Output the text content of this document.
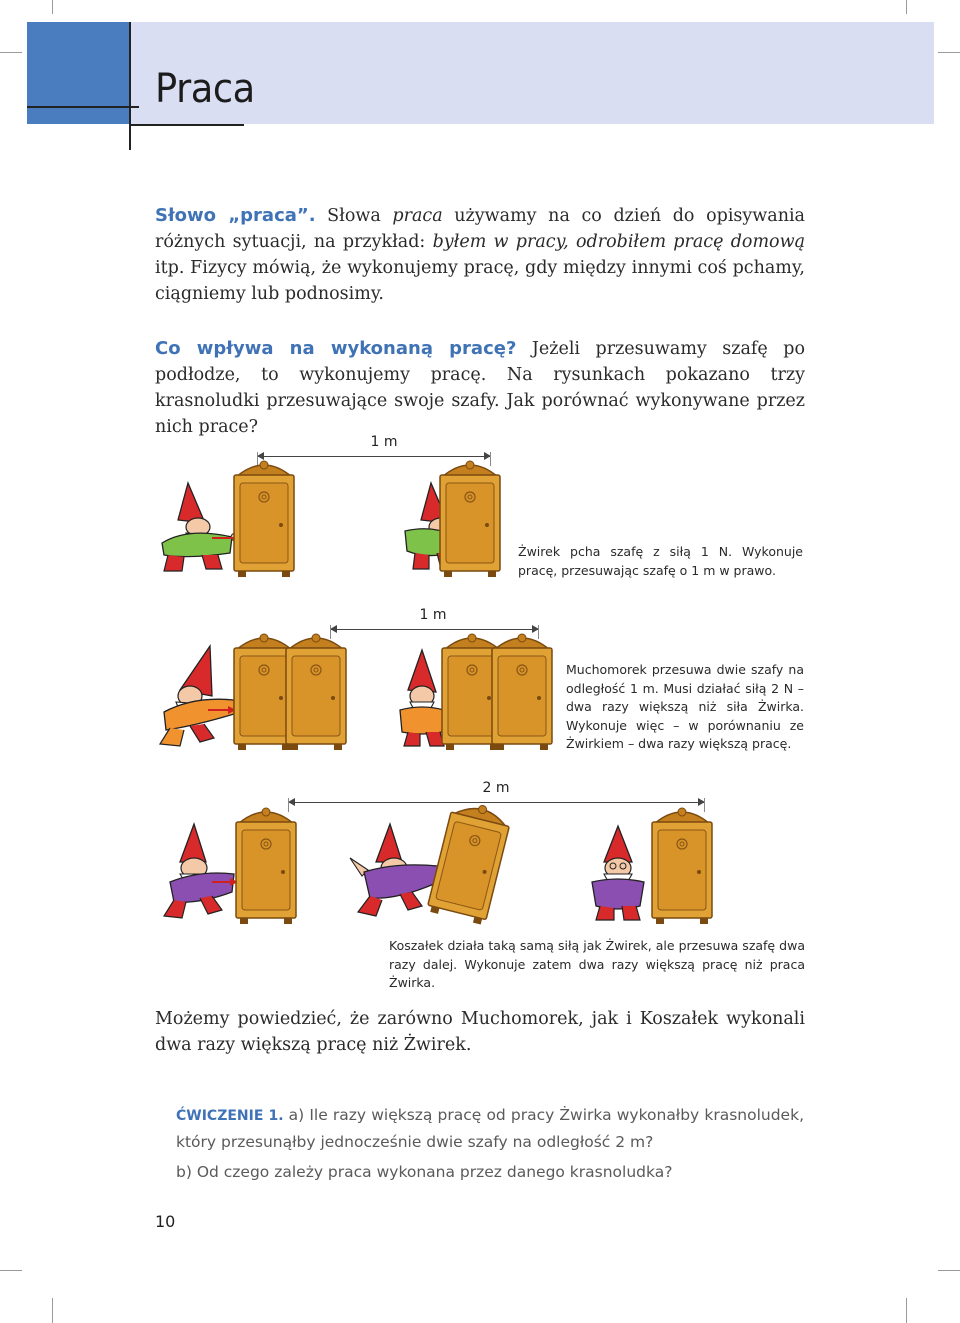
Praca

Słowo „praca”. Słowa praca używamy na co dzień do opisywania różnych sytuacji, na przykład: byłem w pracy, odrobiłem pracę domową itp. Fizycy mówią, że wykonujemy pracę, gdy między innymi coś pchamy, ciągniemy lub podnosimy.

Co wpływa na wykonaną pracę? Jeżeli przesuwamy szafę po podłodze, to wykonujemy pracę. Na rysunkach pokazano trzy krasnoludki przesuwające swoje szafy. Jak porównać wykonywane przez nich prace?

1 m

Żwirek pcha szafę z siłą 1 N. Wykonuje pracę, przesuwając szafę o 1 m w prawo.

1 m

Muchomorek przesuwa dwie szafy na odległość 1 m. Musi działać siłą 2 N – dwa razy większą niż siła Żwirka. Wykonuje więc – w porównaniu ze Żwirkiem – dwa razy większą pracę.

2 m

Koszałek działa taką samą siłą jak Żwirek, ale przesuwa szafę dwa razy dalej. Wykonuje zatem dwa razy większą pracę niż praca Żwirka.

Możemy powiedzieć, że zarówno Muchomorek, jak i Koszałek wykonali dwa razy większą pracę niż Żwirek.

ĆWICZENIE 1. a) Ile razy większą pracę od pracy Żwirka wykonałby krasnoludek, który przesunąłby jednocześnie dwie szafy na odległość 2 m?

b) Od czego zależy praca wykonana przez danego krasnoludka?

10
